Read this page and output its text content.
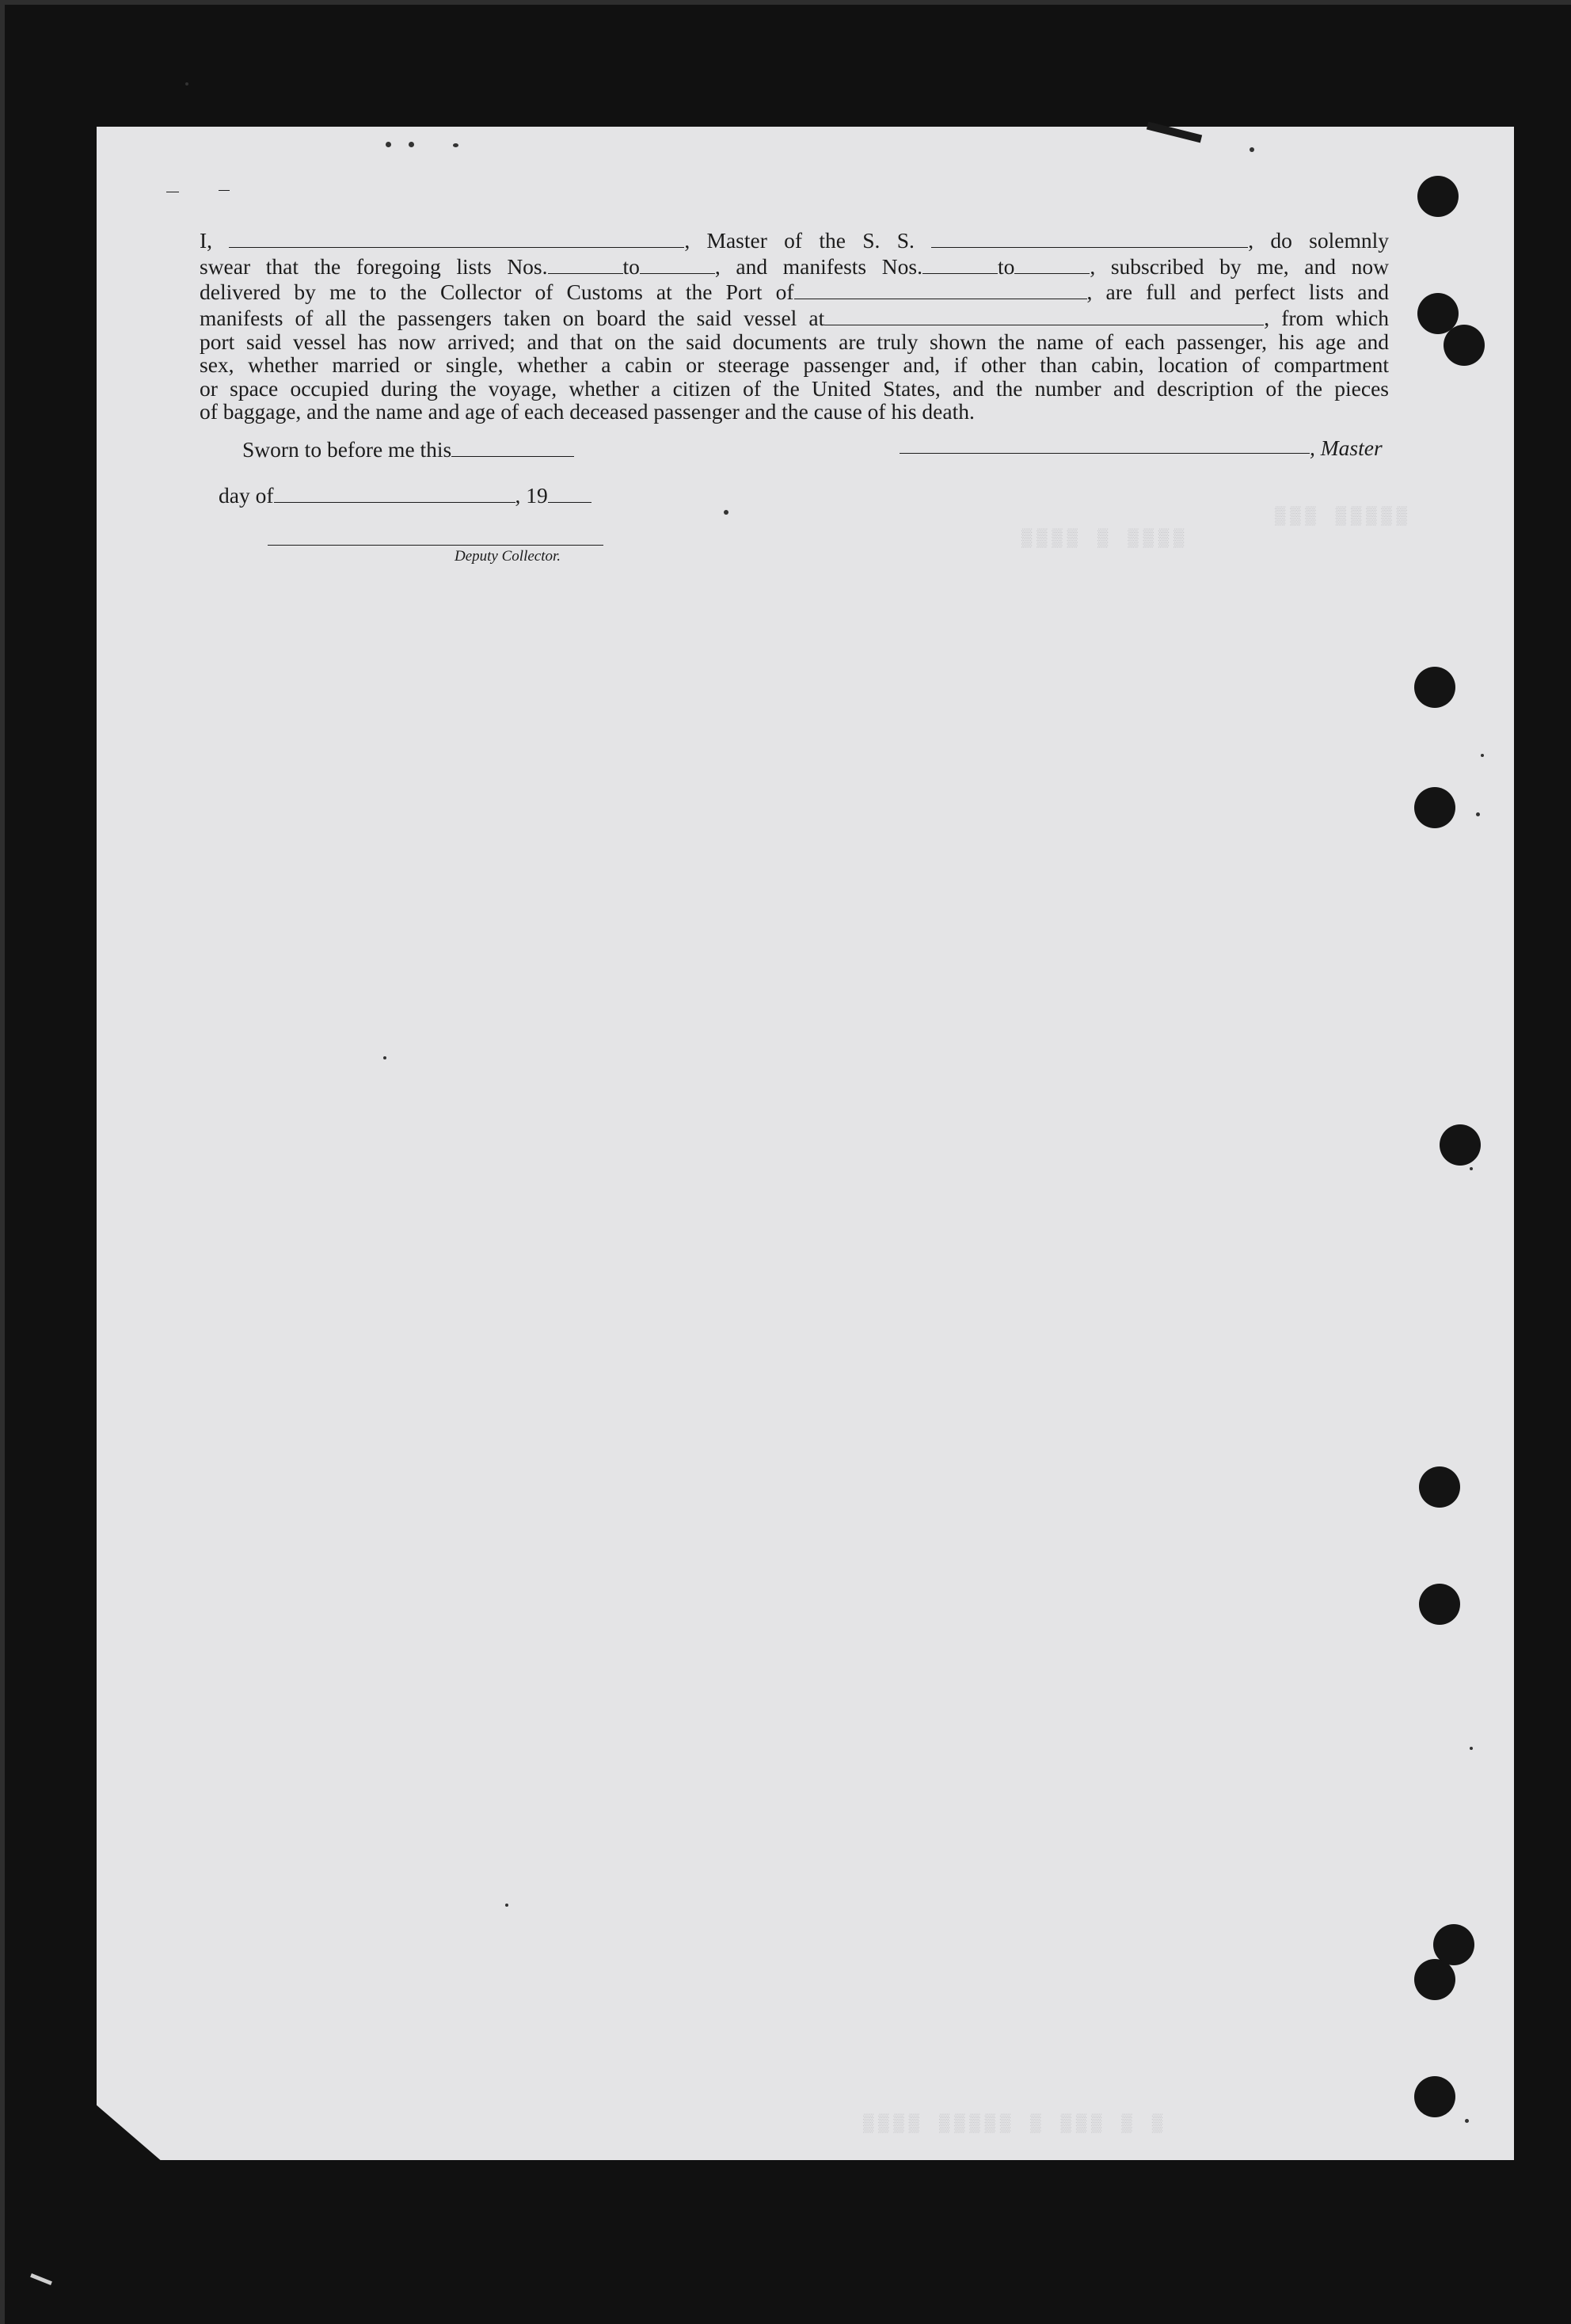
▒▒▒ ▒▒▒▒▒
▒▒▒▒ ▒ ▒▒▒▒
▒▒▒▒ ▒▒▒▒▒ ▒ ▒▒▒ ▒ ▒
I,	, Master of the S. S.	, do solemnly
swear that the foregoing lists Nos.	to	, and manifests Nos.	to	, subscribed by me, and now
delivered by me to the Collector of Customs at the Port of	, are full and perfect lists and
manifests of all the passengers taken on board the said vessel at	, from which
port said vessel has now arrived; and that on the said documents are truly shown the name of each passenger, his age and
sex, whether married or single, whether a cabin or steerage passenger and, if other than cabin, location of compartment
or space occupied during the voyage, whether a citizen of the United States, and the number and description of the pieces
of baggage, and the name and age of each deceased passenger and the cause of his death.
Sworn to before me this	, Master
day of	, 19
Deputy Collector.
